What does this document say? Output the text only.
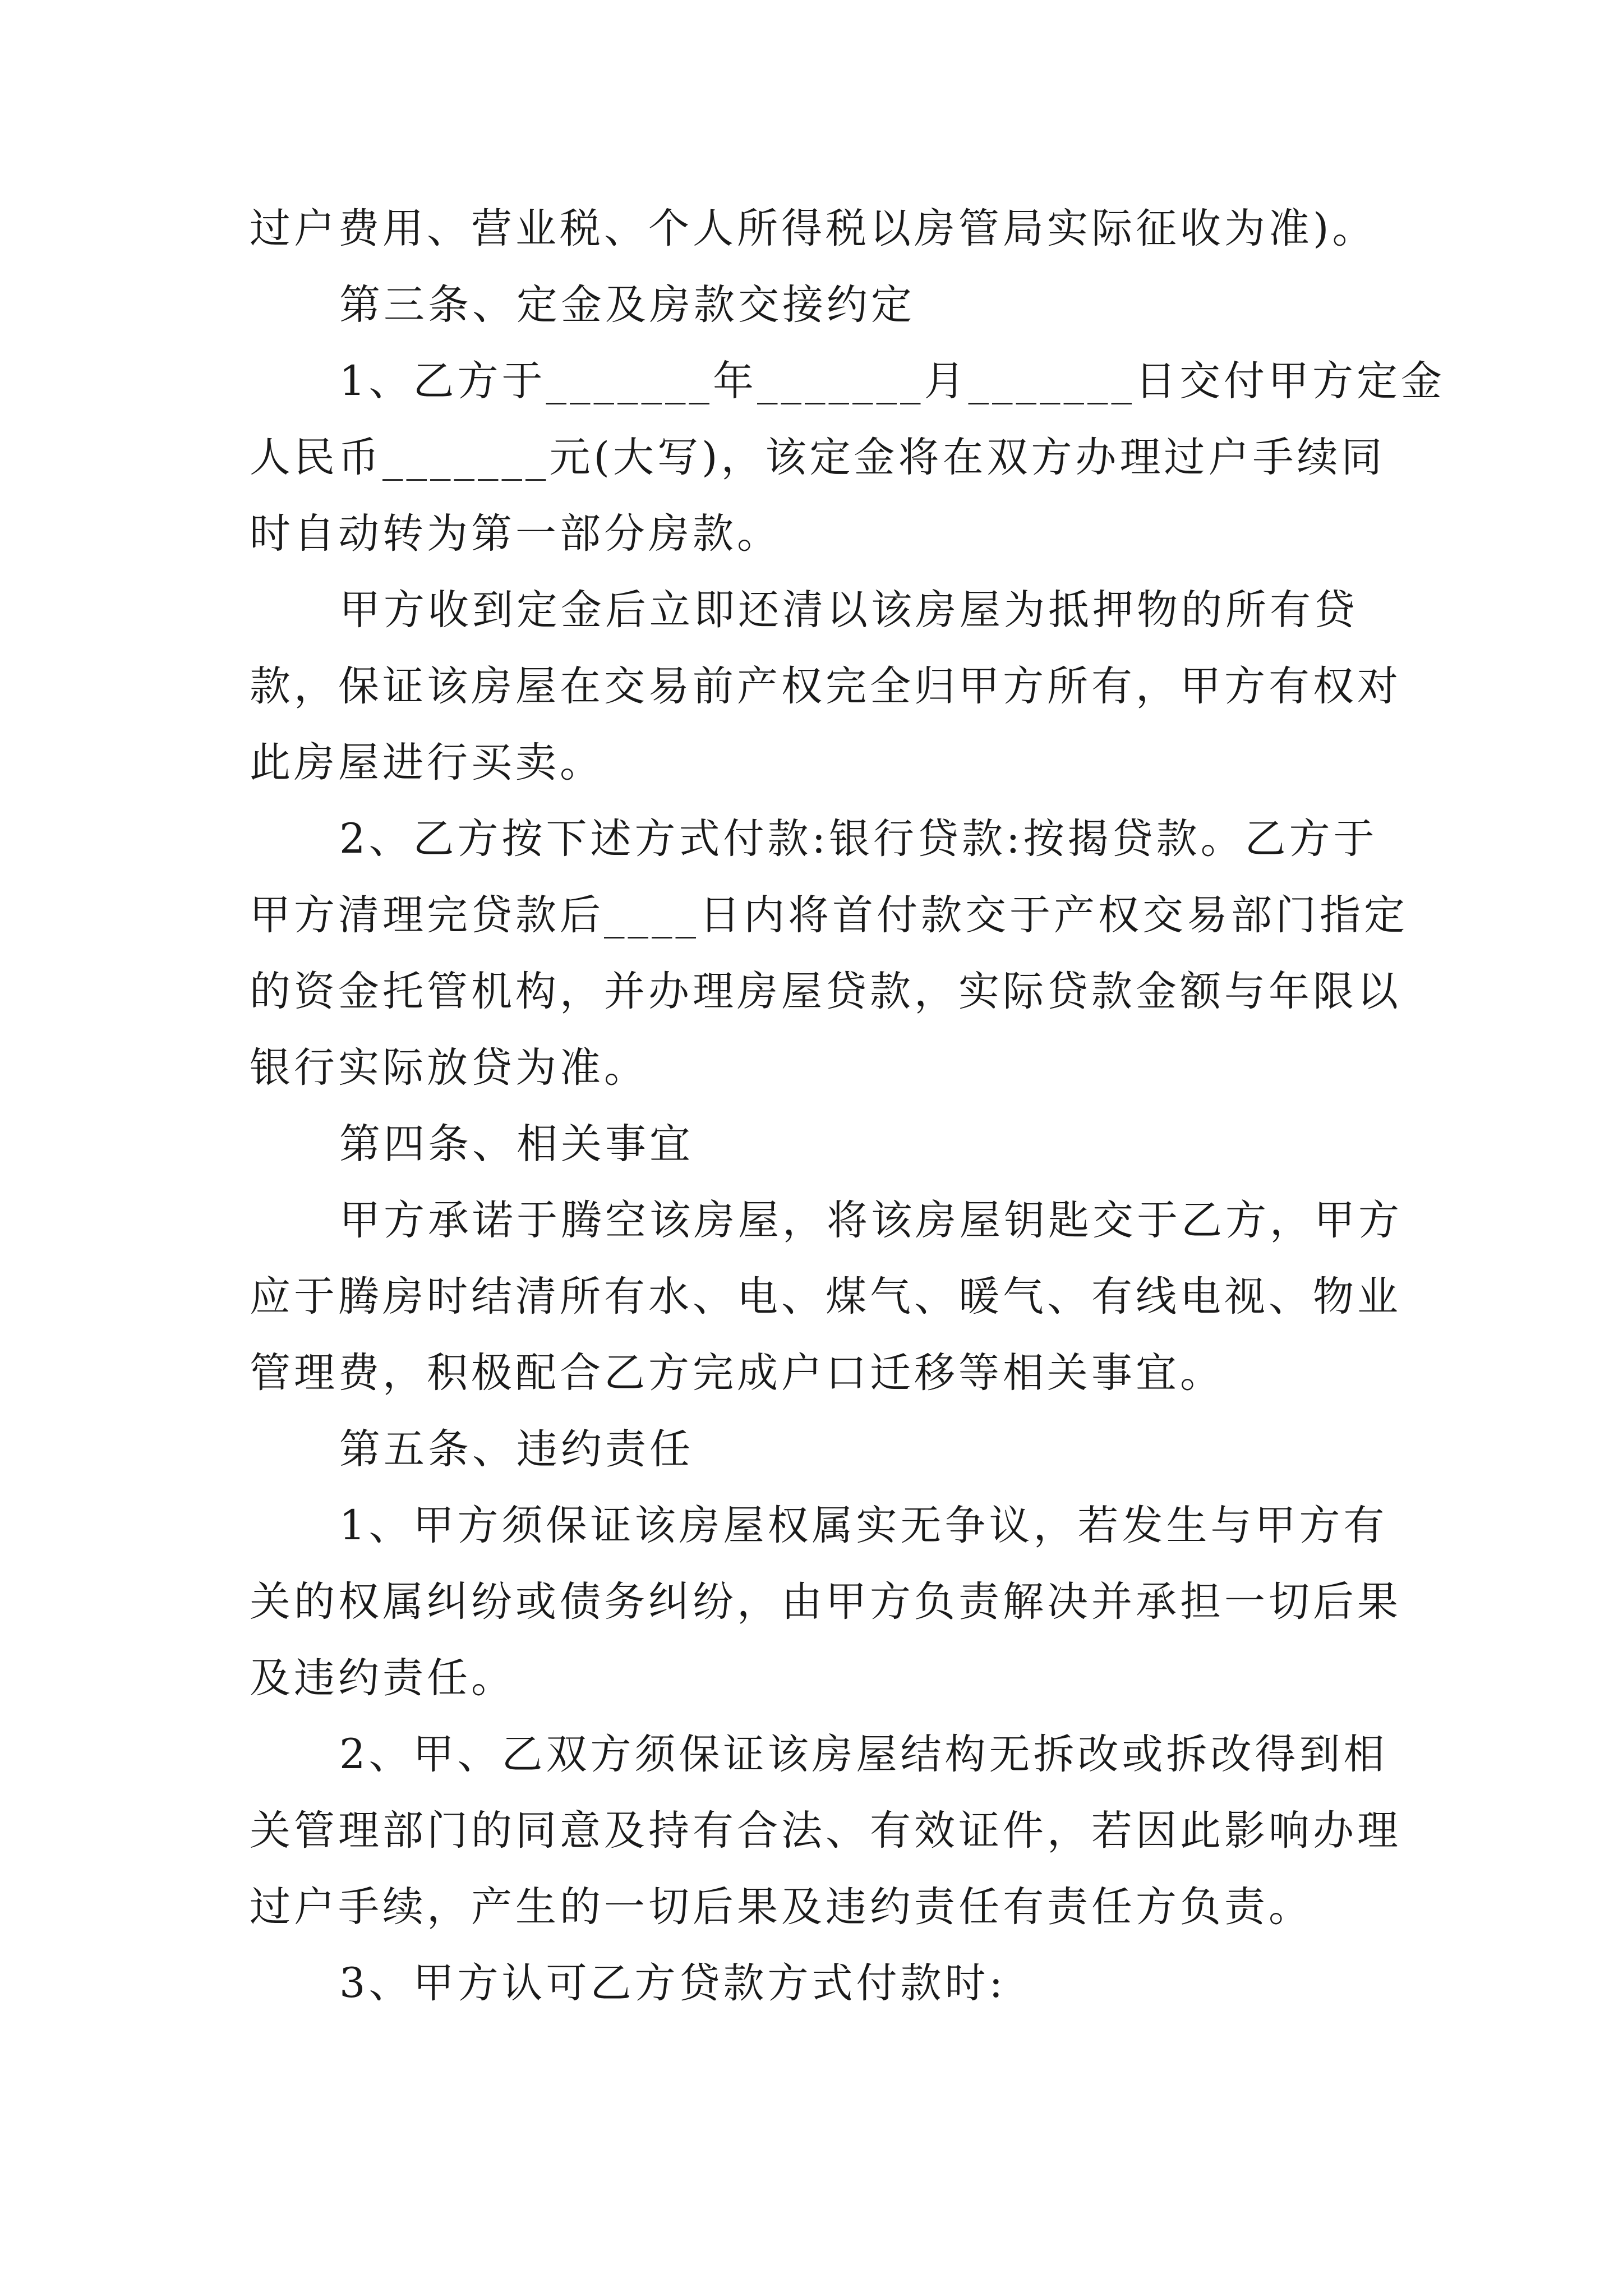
过户费用、营业税、个人所得税以房管局实际征收为准)。
第三条、定金及房款交接约定
1、乙方于_______年_______月_______日交付甲方定金
人民币_______元(大写)，该定金将在双方办理过户手续同
时自动转为第一部分房款。
甲方收到定金后立即还清以该房屋为抵押物的所有贷
款，保证该房屋在交易前产权完全归甲方所有，甲方有权对
此房屋进行买卖。
2、乙方按下述方式付款:银行贷款:按揭贷款。乙方于
甲方清理完贷款后____日内将首付款交于产权交易部门指定
的资金托管机构，并办理房屋贷款，实际贷款金额与年限以
银行实际放贷为准。
第四条、相关事宜
甲方承诺于腾空该房屋，将该房屋钥匙交于乙方，甲方
应于腾房时结清所有水、电、煤气、暖气、有线电视、物业
管理费，积极配合乙方完成户口迁移等相关事宜。
第五条、违约责任
1、甲方须保证该房屋权属实无争议，若发生与甲方有
关的权属纠纷或债务纠纷，由甲方负责解决并承担一切后果
及违约责任。
2、甲、乙双方须保证该房屋结构无拆改或拆改得到相
关管理部门的同意及持有合法、有效证件，若因此影响办理
过户手续，产生的一切后果及违约责任有责任方负责。
3、甲方认可乙方贷款方式付款时:
